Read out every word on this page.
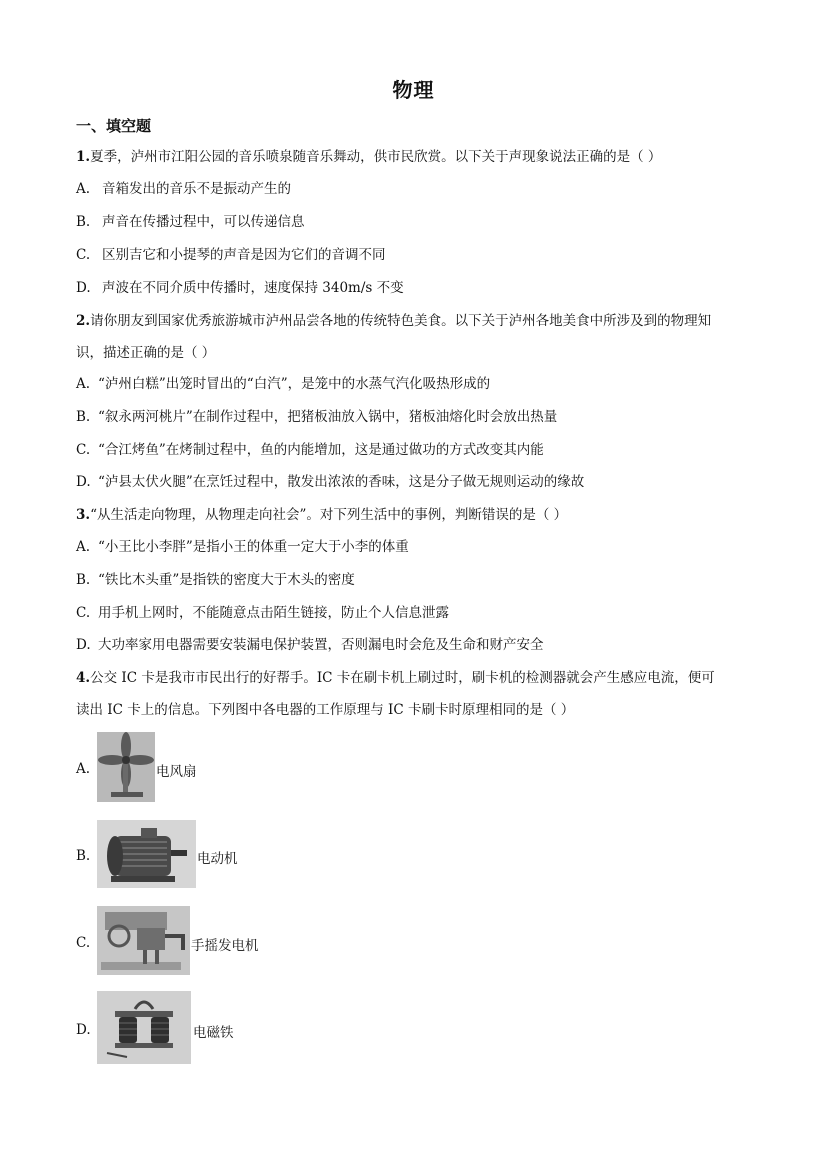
物理
一、填空题
1.夏季，泸州市江阳公园的音乐喷泉随音乐舞动，供市民欣赏。以下关于声现象说法正确的是（ ）
A. 音箱发出的音乐不是振动产生的
B. 声音在传播过程中，可以传递信息
C. 区别吉它和小提琴的声音是因为它们的音调不同
D. 声波在不同介质中传播时，速度保持 340m/s 不变
2.请你朋友到国家优秀旅游城市泸州品尝各地的传统特色美食。以下关于泸州各地美食中所涉及到的物理知
识，描述正确的是（ ）
A. “泸州白糕”出笼时冒出的“白汽”，是笼中的水蒸气汽化吸热形成的
B. “叙永两河桃片”在制作过程中，把猪板油放入锅中，猪板油熔化时会放出热量
C. “合江烤鱼”在烤制过程中，鱼的内能增加，这是通过做功的方式改变其内能
D. “泸县太伏火腿”在烹饪过程中，散发出浓浓的香味，这是分子做无规则运动的缘故
3.“从生活走向物理，从物理走向社会”。对下列生活中的事例，判断错误的是（ ）
A. “小王比小李胖”是指小王的体重一定大于小李的体重
B. “铁比木头重”是指铁的密度大于木头的密度
C. 用手机上网时，不能随意点击陌生链接，防止个人信息泄露
D. 大功率家用电器需要安装漏电保护装置，否则漏电时会危及生命和财产安全
4.公交 IC 卡是我市市民出行的好帮手。IC 卡在刷卡机上刷过时，刷卡机的检测器就会产生感应电流，便可
读出 IC 卡上的信息。下列图中各电器的工作原理与 IC 卡刷卡时原理相同的是（ ）
A.	电风扇
B.	电动机
C.	手摇发电机
D.	电磁铁
